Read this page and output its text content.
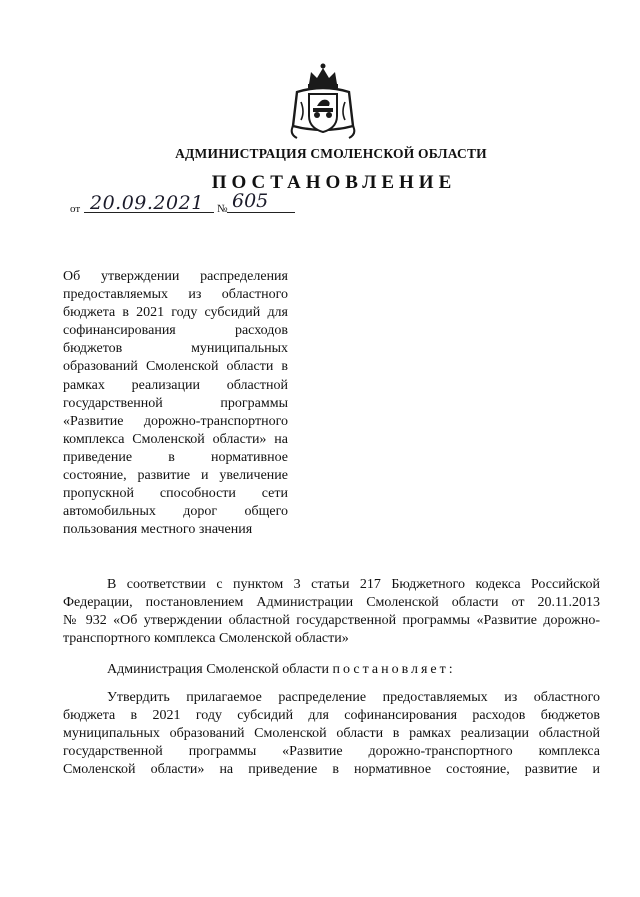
АДМИНИСТРАЦИЯ СМОЛЕНСКОЙ ОБЛАСТИ
ПОСТАНОВЛЕНИЕ
от 20.09.2021 № 605
Об утверждении распределения
предоставляемых из областного
бюджета в 2021 году субсидий для
софинансирования расходов
бюджетов муниципальных
образований Смоленской области в
рамках реализации областной
государственной программы
«Развитие дорожно-транспортного
комплекса Смоленской области» на
приведение в нормативное
состояние, развитие и увеличение
пропускной способности сети
автомобильных дорог общего
пользования местного значения
В соответствии с пунктом 3 статьи 217 Бюджетного кодекса Российской
Федерации, постановлением Администрации Смоленской области от 20.11.2013
№ 932 «Об утверждении областной государственной программы «Развитие дорожно-
транспортного комплекса Смоленской области»
Администрация Смоленской области постановляет:
Утвердить прилагаемое распределение предоставляемых из областного
бюджета в 2021 году субсидий для софинансирования расходов бюджетов
муниципальных образований Смоленской области в рамках реализации областной
государственной программы «Развитие дорожно-транспортного комплекса
Смоленской области» на приведение в нормативное состояние, развитие и
